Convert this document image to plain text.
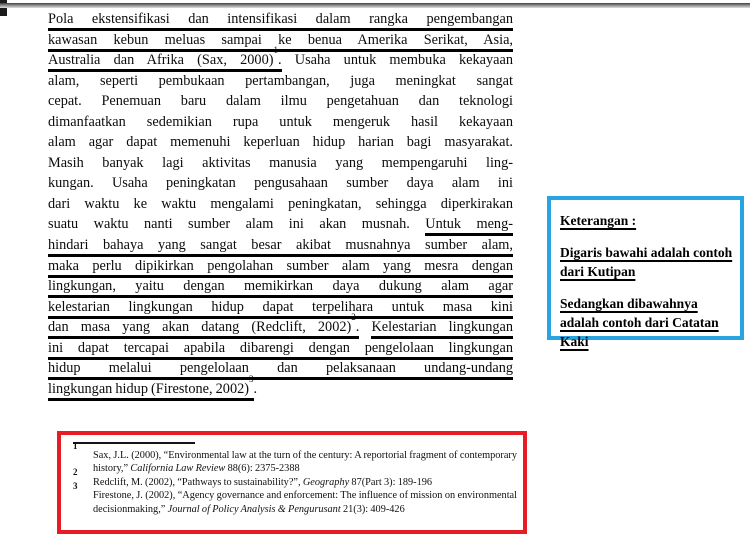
Pola ekstensifikasi dan intensifikasi dalam rangka pengembangan
kawasan kebun meluas sampai ke benua Amerika Serikat, Asia,
Australia dan Afrika (Sax, 2000)$^1$. Usaha untuk membuka kekayaan
alam, seperti pembukaan pertambangan, juga meningkat sangat
cepat. Penemuan baru dalam ilmu pengetahuan dan teknologi
dimanfaatkan sedemikian rupa untuk mengeruk hasil kekayaan
alam agar dapat memenuhi keperluan hidup harian bagi masyarakat.
Masih banyak lagi aktivitas manusia yang mempengaruhi ling-
kungan. Usaha peningkatan pengusahaan sumber daya alam ini
dari waktu ke waktu mengalami peningkatan, sehingga diperkirakan
suatu waktu nanti sumber alam ini akan musnah. Untuk meng-
hindari bahaya yang sangat besar akibat musnahnya sumber alam,
maka perlu dipikirkan pengolahan sumber alam yang mesra dengan
lingkungan, yaitu dengan memikirkan daya dukung alam agar
kelestarian lingkungan hidup dapat terpelihara untuk masa kini
dan masa yang akan datang (Redclift, 2002)$^2$. Kelestarian lingkungan
ini dapat tercapai apabila dibarengi dengan pengelolaan lingkungan
hidup melalui pengelolaan dan pelaksanaan undang-undang
lingkungan hidup (Firestone, 2002)$^3$.

Keterangan :

Digaris bawahi adalah contoh dari Kutipan

Sedangkan dibawahnya adalah contoh dari Catatan Kaki

$^1$
Sax, J.L. (2000), “Environmental law at the turn of the century: A reportorial fragment of contemporary history,” California Law Review 88(6): 2375-2388
$^2$
Redclift, M. (2002), “Pathways to sustainability?”, Geography 87(Part 3): 189-196
$^3$
Firestone, J. (2002), “Agency governance and enforcement: The influence of mission on environmental decisionmaking,” Journal of Policy Analysis & Pengurusant 21(3): 409-426
